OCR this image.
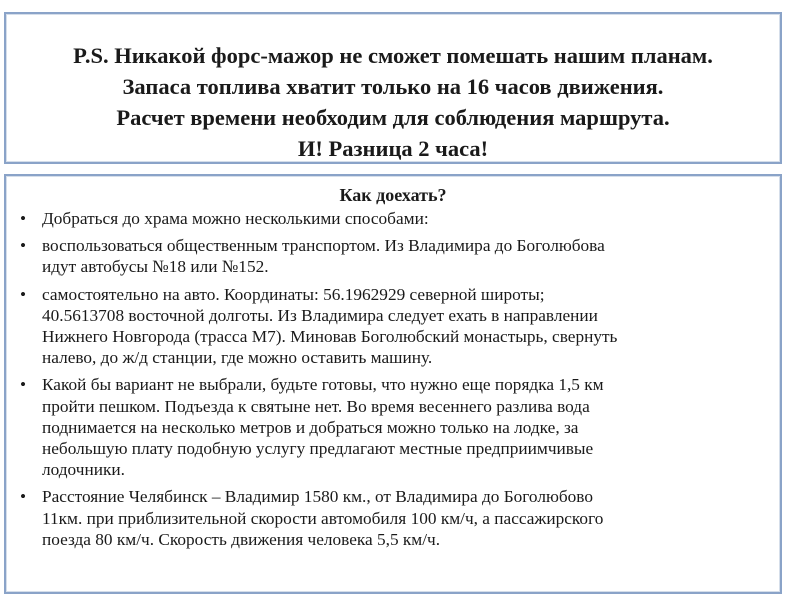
P.S. Никакой форс-мажор не сможет помешать нашим планам.
Запаса топлива хватит только на 16 часов движения.
Расчет времени необходим для соблюдения маршрута.
И! Разница 2 часа!
Как доехать?
• Добраться до храма можно несколькими способами:
• воспользоваться общественным транспортом. Из Владимира до Боголюбова
идут автобусы №18 или №152.
• самостоятельно на авто. Координаты: 56.1962929 северной широты;
40.5613708 восточной долготы. Из Владимира следует ехать в направлении
Нижнего Новгорода (трасса М7). Миновав Боголюбский монастырь, свернуть
налево, до ж/д станции, где можно оставить машину.
• Какой бы вариант не выбрали, будьте готовы, что нужно еще порядка 1,5 км
пройти пешком. Подъезда к святыне нет. Во время весеннего разлива вода
поднимается на несколько метров и добраться можно только на лодке, за
небольшую плату подобную услугу предлагают местные предприимчивые
лодочники.
• Расстояние Челябинск – Владимир 1580 км., от Владимира до Боголюбово
11км. при приблизительной скорости автомобиля 100 км/ч, а пассажирского
поезда 80 км/ч. Скорость движения человека 5,5 км/ч.
